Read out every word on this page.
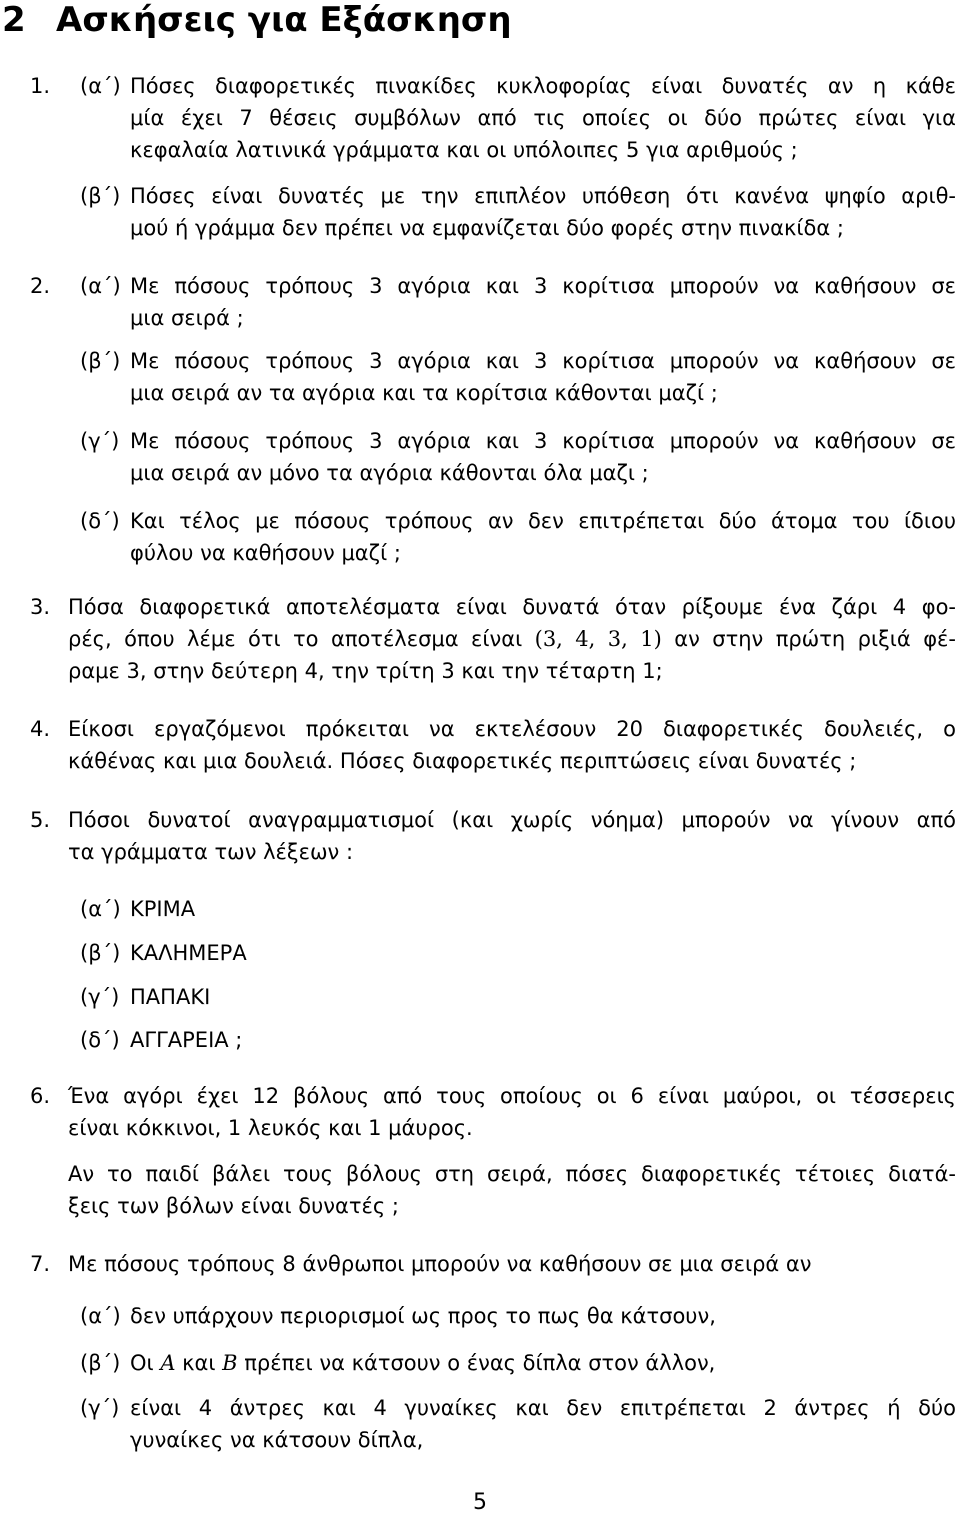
2 Ασκήσεις για Εξάσκηση
1. (α΄) Πόσες διαφορετικές πινακίδες κυκλοφορίας είναι δυνατές αν η κάθε
μία έχει 7 θέσεις συμβόλων από τις οποίες οι δύο πρώτες είναι για
κεφαλαία λατινικά γράμματα και οι υπόλοιπες 5 για αριθμούς ;
(β΄) Πόσες είναι δυνατές με την επιπλέον υπόθεση ότι κανένα ψηφίο αριθ-
μού ή γράμμα δεν πρέπει να εμφανίζεται δύο φορές στην πινακίδα ;
2. (α΄) Με πόσους τρόπους 3 αγόρια και 3 κορίτισα μπορούν να καθήσουν σε
μια σειρά ;
(β΄) Με πόσους τρόπους 3 αγόρια και 3 κορίτισα μπορούν να καθήσουν σε
μια σειρά αν τα αγόρια και τα κορίτσια κάθονται μαζί ;
(γ΄) Με πόσους τρόπους 3 αγόρια και 3 κορίτισα μπορούν να καθήσουν σε
μια σειρά αν μόνο τα αγόρια κάθονται όλα μαζι ;
(δ΄) Και τέλος με πόσους τρόπους αν δεν επιτρέπεται δύο άτομα του ίδιου
φύλου να καθήσουν μαζί ;
3. Πόσα διαφορετικά αποτελέσματα είναι δυνατά όταν ρίξουμε ένα ζάρι 4 φο-
ρές, όπου λέμε ότι το αποτέλεσμα είναι (3, 4, 3, 1) αν στην πρώτη ριξιά φέ-
ραμε 3, στην δεύτερη 4, την τρίτη 3 και την τέταρτη 1;
4. Είκοσι εργαζόμενοι πρόκειται να εκτελέσουν 20 διαφορετικές δουλειές, ο
κάθένας και μια δουλειά. Πόσες διαφορετικές περιπτώσεις είναι δυνατές ;
5. Πόσοι δυνατοί αναγραμματισμοί (και χωρίς νόημα) μπορούν να γίνουν από
τα γράμματα των λέξεων :
(α΄) ΚΡΙΜΑ
(β΄) ΚΑΛΗΜΕΡΑ
(γ΄) ΠΑΠΑΚΙ
(δ΄) ΑΓΓΑΡΕΙΑ ;
6. Ένα αγόρι έχει 12 βόλους από τους οποίους οι 6 είναι μαύροι, οι τέσσερεις
είναι κόκκινοι, 1 λευκός και 1 μάυρος.
Αν το παιδί βάλει τους βόλους στη σειρά, πόσες διαφορετικές τέτοιες διατά-
ξεις των βόλων είναι δυνατές ;
7. Με πόσους τρόπους 8 άνθρωποι μπορούν να καθήσουν σε μια σειρά αν
(α΄) δεν υπάρχουν περιορισμοί ως προς το πως θα κάτσουν,
(β΄) Οι A και B πρέπει να κάτσουν ο ένας δίπλα στον άλλον,
(γ΄) είναι 4 άντρες και 4 γυναίκες και δεν επιτρέπεται 2 άντρες ή δύο
γυναίκες να κάτσουν δίπλα,
5
